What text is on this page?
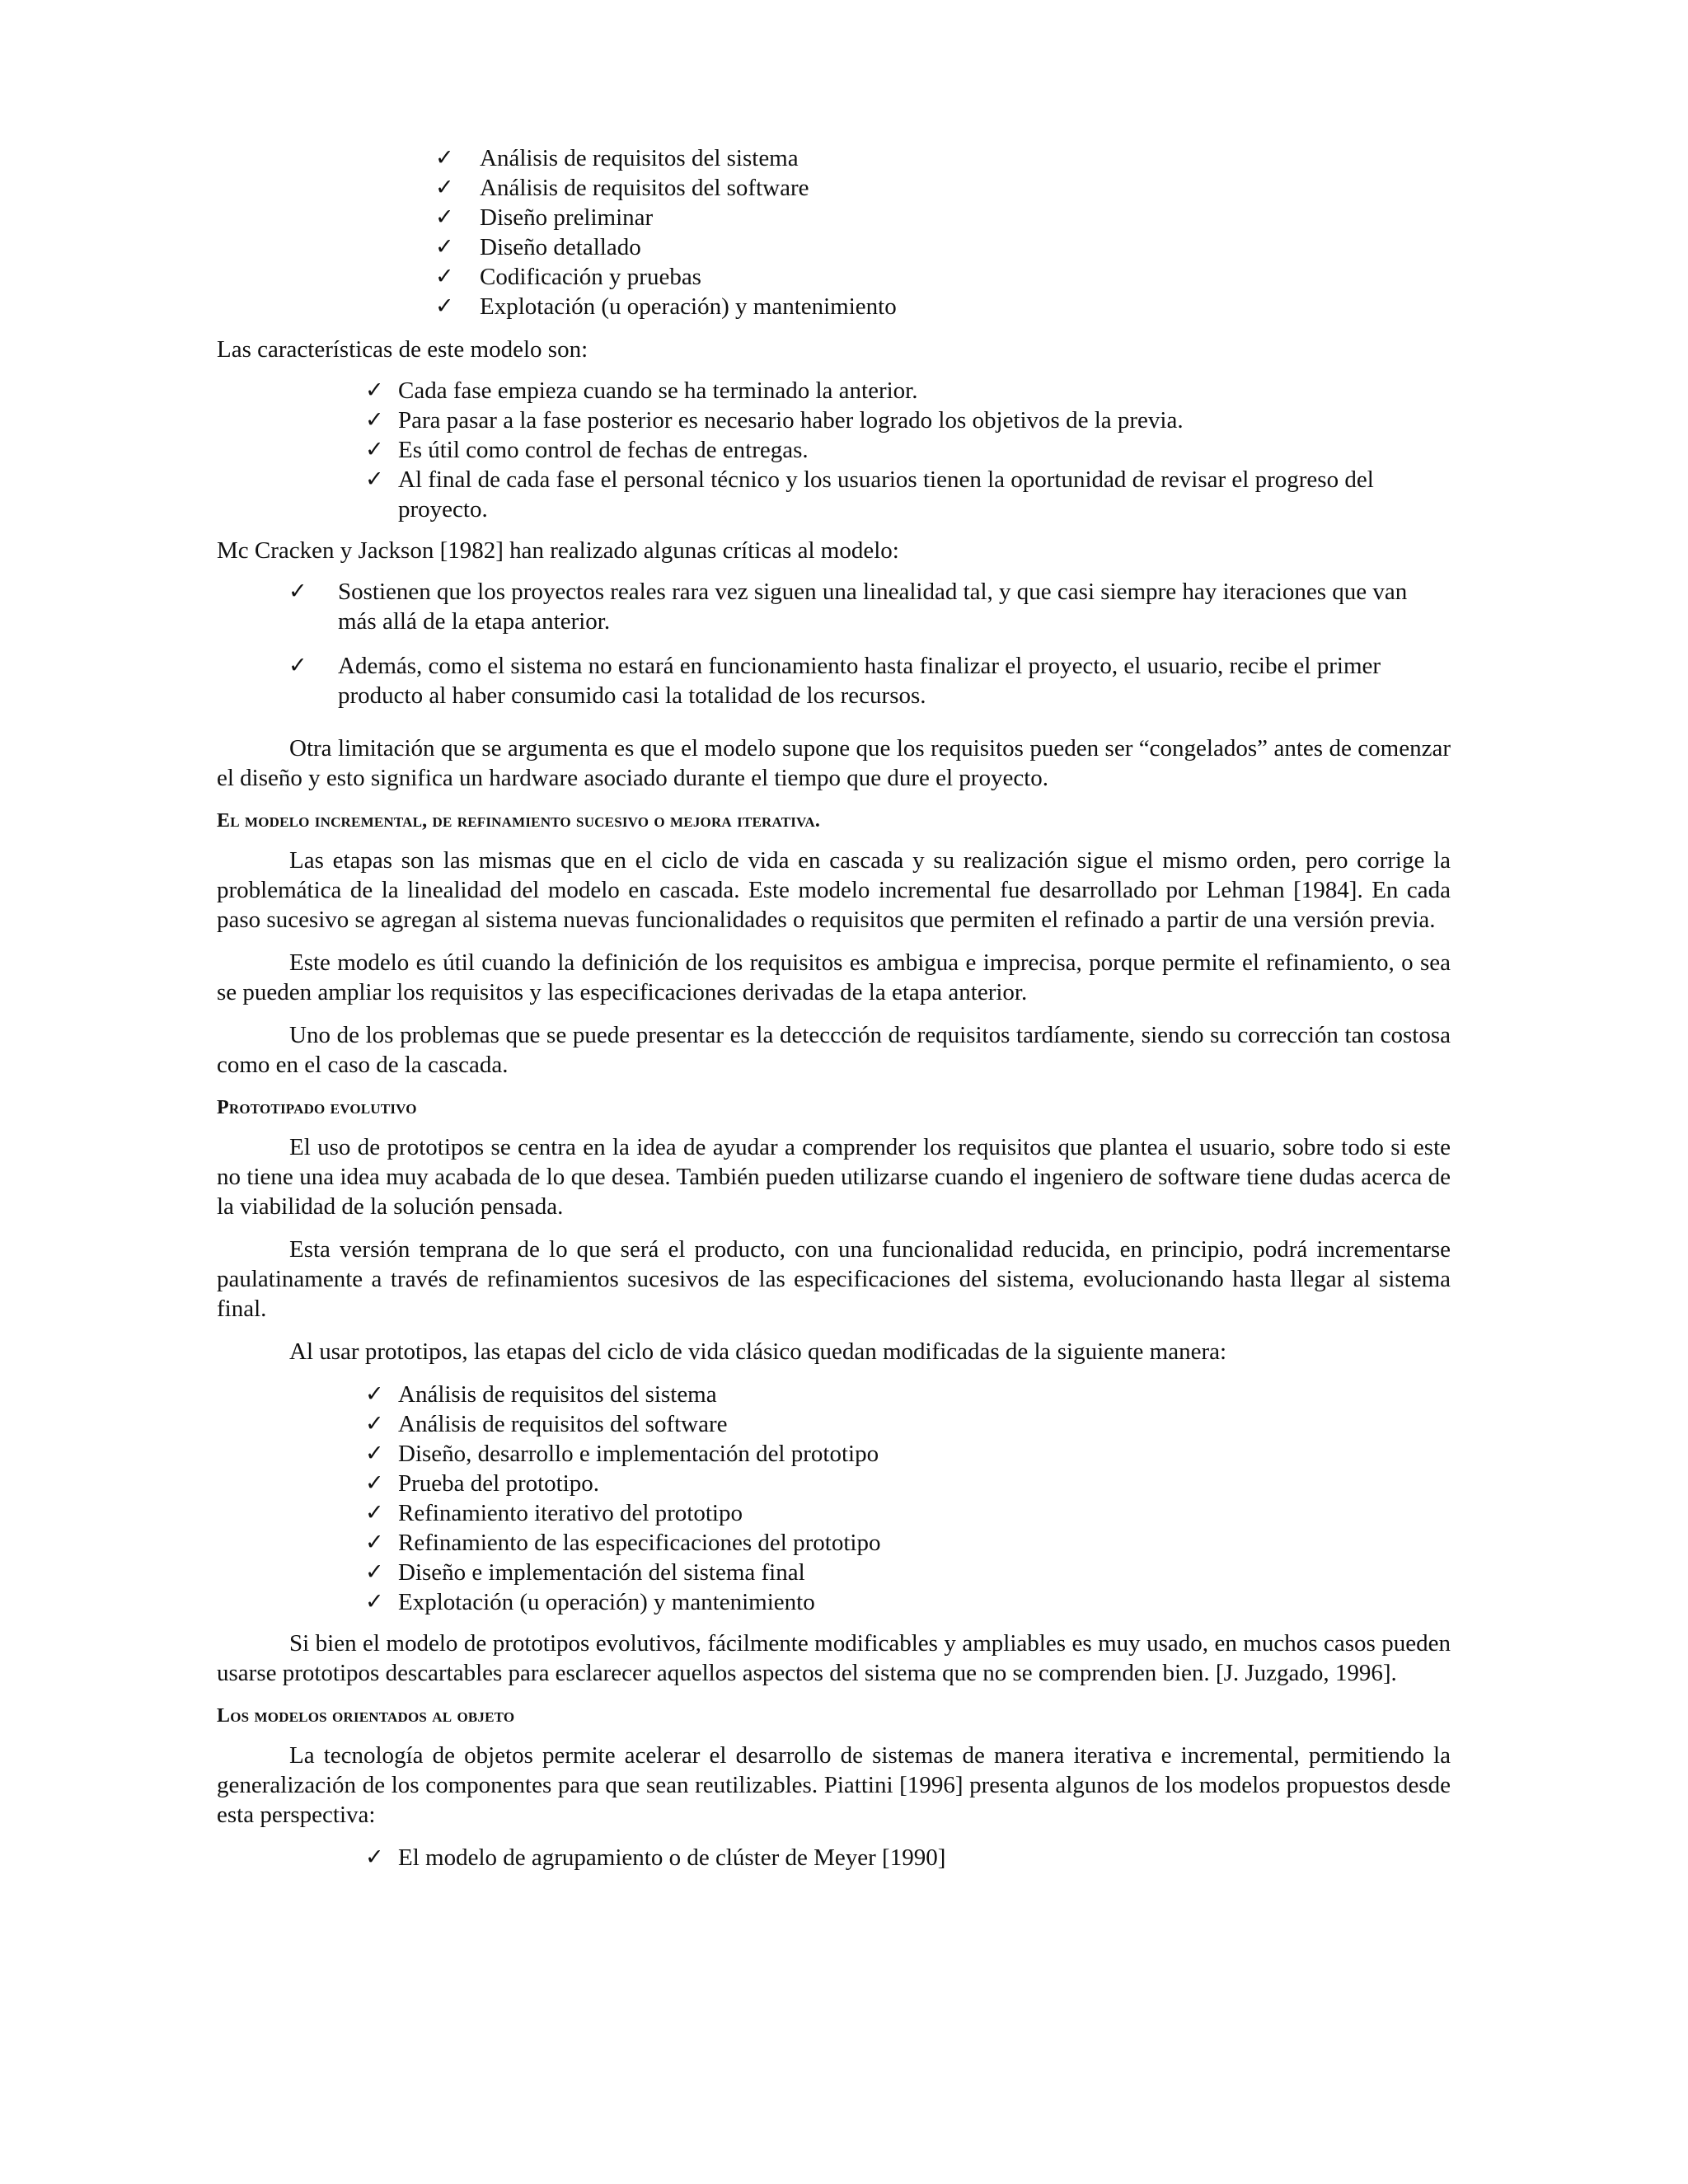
✓ Análisis de requisitos del sistema
✓ Análisis de requisitos del software
✓ Diseño preliminar
✓ Diseño detallado
✓ Codificación y pruebas
✓ Explotación (u operación) y mantenimiento

Las características de este modelo son:

✓ Cada fase empieza cuando se ha terminado la anterior.
✓ Para pasar a la fase posterior es necesario haber logrado los objetivos de la previa.
✓ Es útil como control de fechas de entregas.
✓ Al final de cada fase el personal técnico y los usuarios tienen la oportunidad de revisar el progreso del proyecto.

Mc Cracken y Jackson [1982] han realizado algunas críticas al modelo:

✓ Sostienen que los proyectos reales rara vez siguen una linealidad tal, y que casi siempre hay iteraciones que van más allá de la etapa anterior.
✓ Además, como el sistema no estará en funcionamiento hasta finalizar el proyecto, el usuario, recibe el primer producto al haber consumido casi la totalidad de los recursos.

Otra limitación que se argumenta es que el modelo supone que los requisitos pueden ser “congelados” antes de comenzar el diseño y esto significa un hardware asociado durante el tiempo que dure el proyecto.

El modelo incremental, de refinamiento sucesivo o mejora iterativa.

Las etapas son las mismas que en el ciclo de vida en cascada y su realización sigue el mismo orden, pero corrige la problemática de la linealidad del modelo en cascada. Este modelo incremental fue desarrollado por Lehman [1984]. En cada paso sucesivo se agregan al sistema nuevas funcionalidades o requisitos que permiten el refinado a partir de una versión previa.

Este modelo es útil cuando la definición de los requisitos es ambigua e imprecisa, porque permite el refinamiento, o sea se pueden ampliar los requisitos y las especificaciones derivadas de la etapa anterior.

Uno de los problemas que se puede presentar es la deteccción de requisitos tardíamente, siendo su corrección tan costosa como en el caso de la cascada.

Prototipado evolutivo

El uso de prototipos se centra en la idea de ayudar a comprender los requisitos que plantea el usuario, sobre todo si este no tiene una idea muy acabada de lo que desea. También pueden utilizarse cuando el ingeniero de software tiene dudas acerca de la viabilidad de la solución pensada.

Esta versión temprana de lo que será el producto, con una funcionalidad reducida, en principio, podrá incrementarse paulatinamente a través de refinamientos sucesivos de las especificaciones del sistema, evolucionando hasta llegar al sistema final.

Al usar prototipos, las etapas del ciclo de vida clásico quedan modificadas de la siguiente manera:

✓ Análisis de requisitos del sistema
✓ Análisis de requisitos del software
✓ Diseño, desarrollo e implementación del prototipo
✓ Prueba del prototipo.
✓ Refinamiento iterativo del prototipo
✓ Refinamiento de las especificaciones del prototipo
✓ Diseño e implementación del sistema final
✓ Explotación (u operación) y mantenimiento

Si bien el modelo de prototipos evolutivos, fácilmente modificables y ampliables es muy usado, en muchos casos pueden usarse prototipos descartables para esclarecer aquellos aspectos del sistema que no se comprenden bien. [J. Juzgado, 1996].

Los modelos orientados al objeto

La tecnología de objetos permite acelerar el desarrollo de sistemas de manera iterativa e incremental, permitiendo la generalización de los componentes para que sean reutilizables. Piattini [1996] presenta algunos de los modelos propuestos desde esta perspectiva:

✓ El modelo de agrupamiento o de clúster de Meyer [1990]
